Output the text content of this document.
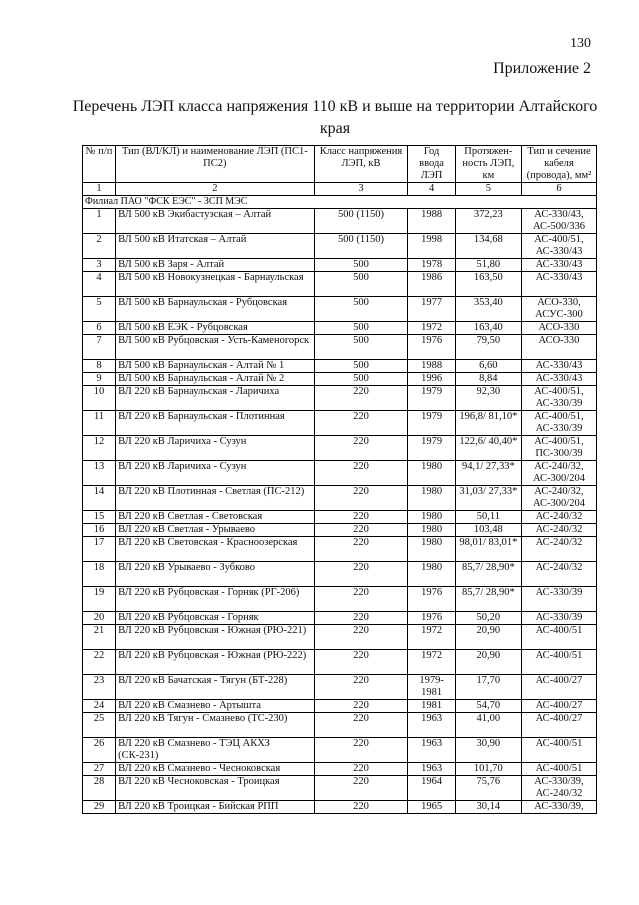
130
Приложение 2
Перечень ЛЭП класса напряжения 110 кВ и выше на территории Алтайского края
№ п/п	Тип (ВЛ/КЛ) и наименование ЛЭП (ПС1-ПС2)	Класс напряжения ЛЭП, кВ	Год ввода ЛЭП	Протяжен-ность ЛЭП, км	Тип и сечение кабеля (провода), мм²
1	2	3	4	5	6
Филиал ПАО "ФСК ЕЭС" - ЗСП МЭС					
1	ВЛ 500 кВ Экибастузская – Алтай	500 (1150)	1988	372,23	АС-330/43, АС-500/336
2	ВЛ 500 кВ Итатская – Алтай	500 (1150)	1998	134,68	АС-400/51, АС-330/43
3	ВЛ 500 кВ Заря - Алтай	500	1978	51,80	АС-330/43
4	ВЛ 500 кВ Новокузнецкая - Барнаульская	500	1986	163,50	АС-330/43
5	ВЛ 500 кВ Барнаульская - Рубцовская	500	1977	353,40	АСО-330, АСУС-300
6	ВЛ 500 кВ ЕЭК - Рубцовская	500	1972	163,40	АСО-330
7	ВЛ 500 кВ Рубцовская - Усть-Каменогорск	500	1976	79,50	АСО-330
8	ВЛ 500 кВ Барнаульская - Алтай № 1	500	1988	6,60	АС-330/43
9	ВЛ 500 кВ Барнаульская - Алтай № 2	500	1996	8,84	АС-330/43
10	ВЛ 220 кВ Барнаульская - Ларичиха	220	1979	92,30	АС-400/51, АС-330/39
11	ВЛ 220 кВ Барнаульская - Плотинная	220	1979	196,8/ 81,10*	АС-400/51, АС-330/39
12	ВЛ 220 кВ Ларичиха - Сузун	220	1979	122,6/ 40,40*	АС-400/51, ПС-300/39
13	ВЛ 220 кВ Ларичиха - Сузун	220	1980	94,1/ 27,33*	АС-240/32, АС-300/204
14	ВЛ 220 кВ Плотинная - Светлая (ПС-212)	220	1980	31,03/ 27,33*	АС-240/32, АС-300/204
15	ВЛ 220 кВ Светлая - Световская	220	1980	50,11	АС-240/32
16	ВЛ 220 кВ Светлая - Урываево	220	1980	103,48	АС-240/32
17	ВЛ 220 кВ Световская - Красноозерская	220	1980	98,01/ 83,01*	АС-240/32
18	ВЛ 220 кВ Урываево - Зубково	220	1980	85,7/ 28,90*	АС-240/32
19	ВЛ 220 кВ Рубцовская - Горняк (РГ-206)	220	1976	85,7/ 28,90*	АС-330/39
20	ВЛ 220 кВ Рубцовская - Горняк	220	1976	50,20	АС-330/39
21	ВЛ 220 кВ Рубцовская - Южная (РЮ-221)	220	1972	20,90	АС-400/51
22	ВЛ 220 кВ Рубцовская - Южная (РЮ-222)	220	1972	20,90	АС-400/51
23	ВЛ 220 кВ Бачатская - Тягун (БТ-228)	220	1979-1981	17,70	АС-400/27
24	ВЛ 220 кВ Смазнево - Артышта	220	1981	54,70	АС-400/27
25	ВЛ 220 кВ Тягун - Смазнево (ТС-230)	220	1963	41,00	АС-400/27
26	ВЛ 220 кВ Смазнево - ТЭЦ АКХЗ (СК-231)	220	1963	30,90	АС-400/51
27	ВЛ 220 кВ Смазнево - Чесноковская	220	1963	101,70	АС-400/51
28	ВЛ 220 кВ Чесноковская - Троицкая	220	1964	75,76	АС-330/39, АС-240/32
29	ВЛ 220 кВ Троицкая - Бийская РПП	220	1965	30,14	АС-330/39,
